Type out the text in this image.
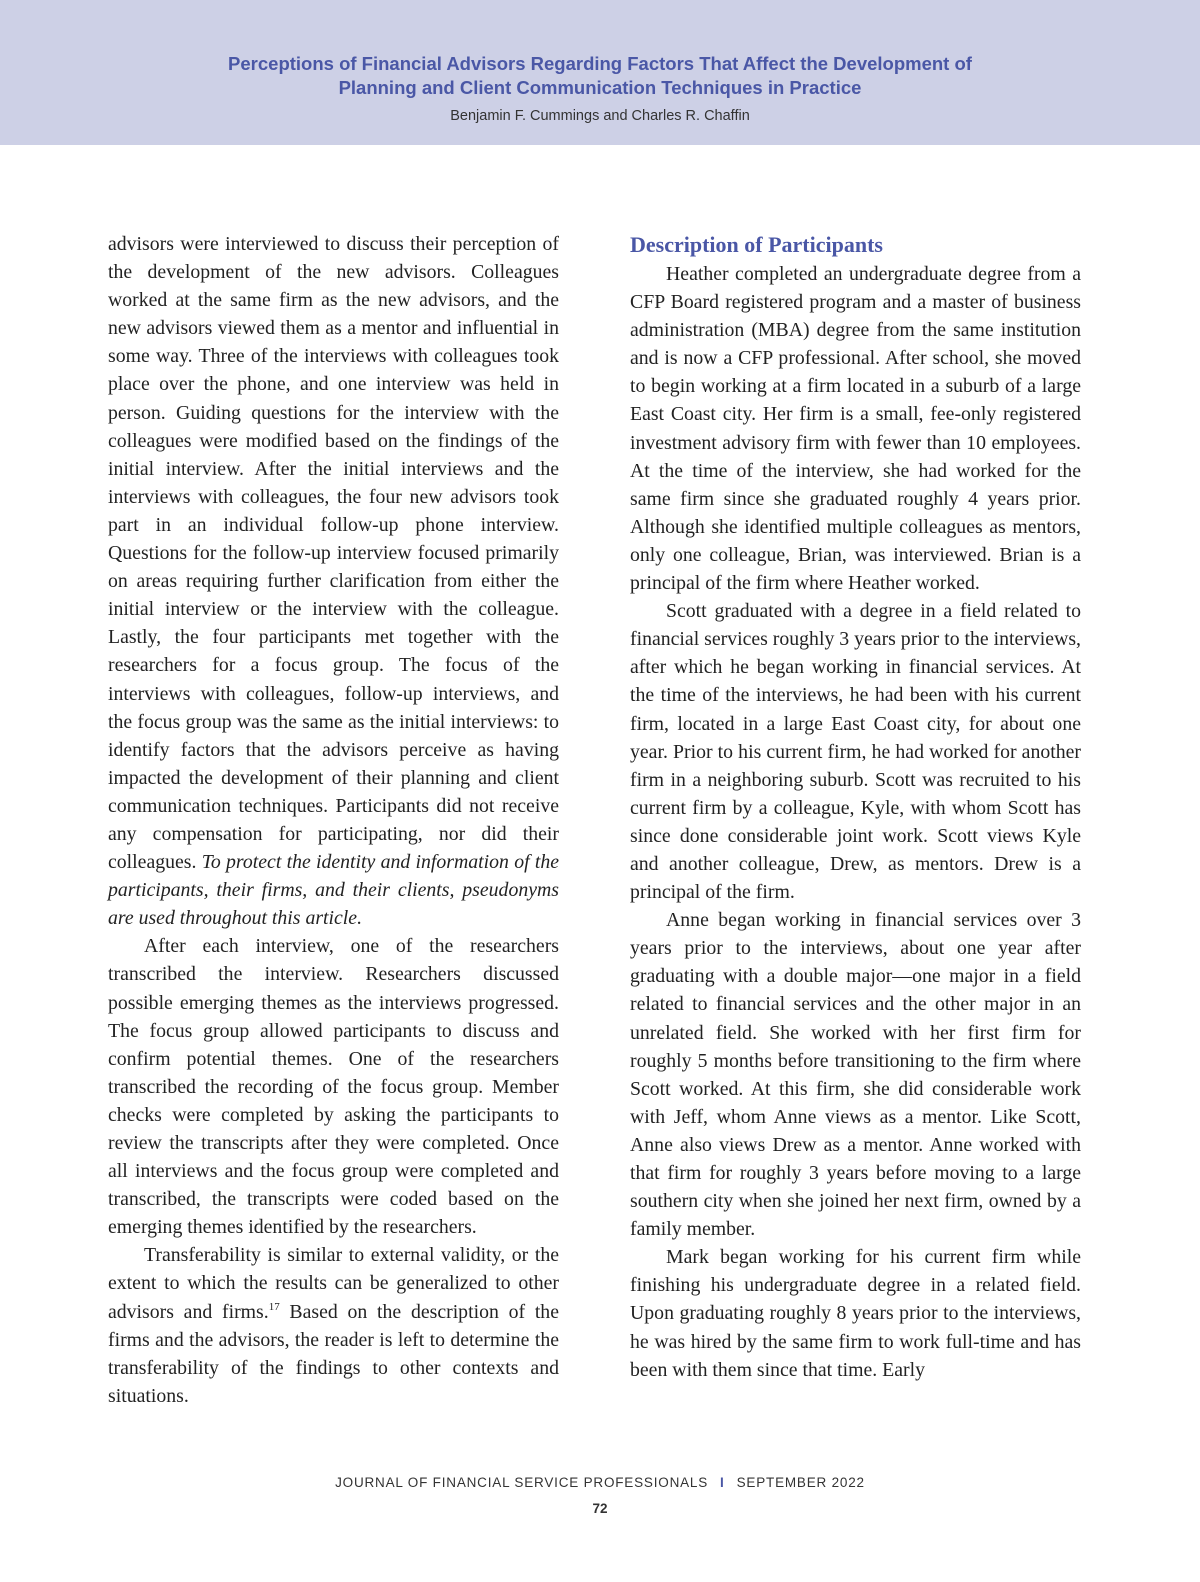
Perceptions of Financial Advisors Regarding Factors That Affect the Development of
Planning and Client Communication Techniques in Practice
Benjamin F. Cummings and Charles R. Chaffin

advisors were interviewed to discuss their perception of the development of the new advisors. Colleagues worked at the same firm as the new advisors, and the new advisors viewed them as a mentor and influential in some way. Three of the interviews with colleagues took place over the phone, and one interview was held in person. Guiding questions for the interview with the colleagues were modified based on the findings of the initial interview. After the initial interviews and the interviews with colleagues, the four new advisors took part in an individual follow-up phone interview. Questions for the follow-up interview focused primarily on areas requiring further clarification from either the initial interview or the interview with the colleague. Lastly, the four participants met together with the researchers for a focus group. The focus of the interviews with colleagues, follow-up interviews, and the focus group was the same as the initial interviews: to identify factors that the advisors perceive as having impacted the development of their planning and client communication techniques. Participants did not receive any compensation for participating, nor did their colleagues. To protect the identity and information of the participants, their firms, and their clients, pseudonyms are used throughout this article.

After each interview, one of the researchers transcribed the interview. Researchers discussed possible emerging themes as the interviews progressed. The focus group allowed participants to discuss and confirm potential themes. One of the researchers transcribed the recording of the focus group. Member checks were completed by asking the participants to review the transcripts after they were completed. Once all interviews and the focus group were completed and transcribed, the transcripts were coded based on the emerging themes identified by the researchers.

Transferability is similar to external validity, or the extent to which the results can be generalized to other advisors and firms.$^{17}$ Based on the description of the firms and the advisors, the reader is left to determine the transferability of the findings to other contexts and situations.

Description of Participants

Heather completed an undergraduate degree from a CFP Board registered program and a master of business administration (MBA) degree from the same institution and is now a CFP professional. After school, she moved to begin working at a firm located in a suburb of a large East Coast city. Her firm is a small, fee-only registered investment advisory firm with fewer than 10 employees. At the time of the interview, she had worked for the same firm since she graduated roughly 4 years prior. Although she identified multiple colleagues as mentors, only one colleague, Brian, was interviewed. Brian is a principal of the firm where Heather worked.

Scott graduated with a degree in a field related to financial services roughly 3 years prior to the interviews, after which he began working in financial services. At the time of the interviews, he had been with his current firm, located in a large East Coast city, for about one year. Prior to his current firm, he had worked for another firm in a neighboring suburb. Scott was recruited to his current firm by a colleague, Kyle, with whom Scott has since done considerable joint work. Scott views Kyle and another colleague, Drew, as mentors. Drew is a principal of the firm.

Anne began working in financial services over 3 years prior to the interviews, about one year after graduating with a double major—one major in a field related to financial services and the other major in an unrelated field. She worked with her first firm for roughly 5 months before transitioning to the firm where Scott worked. At this firm, she did considerable work with Jeff, whom Anne views as a mentor. Like Scott, Anne also views Drew as a mentor. Anne worked with that firm for roughly 3 years before moving to a large southern city when she joined her next firm, owned by a family member.

Mark began working for his current firm while finishing his undergraduate degree in a related field. Upon graduating roughly 8 years prior to the interviews, he was hired by the same firm to work full-time and has been with them since that time. Early

JOURNAL OF FINANCIAL SERVICE PROFESSIONALS I SEPTEMBER 2022
72
